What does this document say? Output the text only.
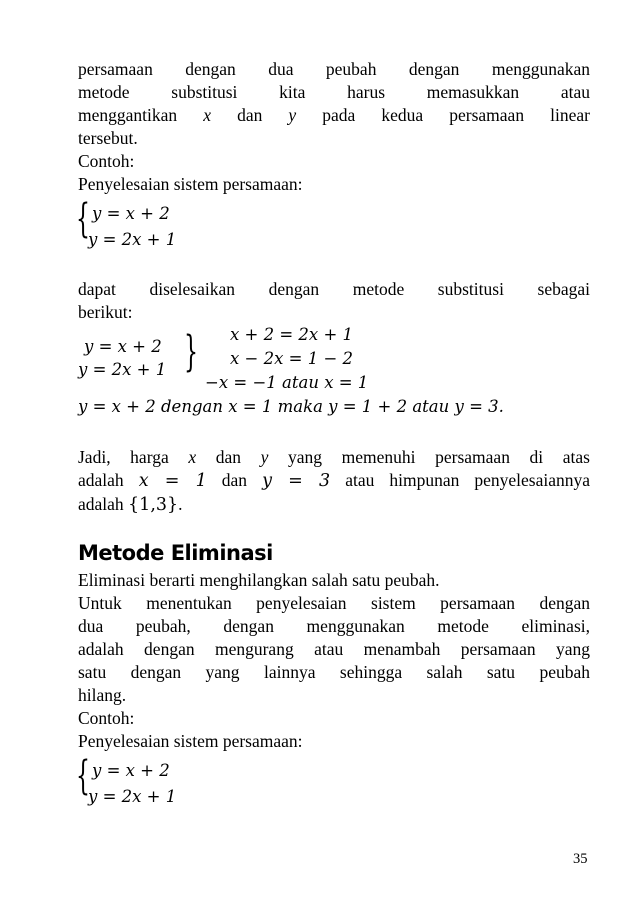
persamaan dengan dua peubah dengan menggunakan
metode substitusi kita harus memasukkan atau
menggantikan x dan y pada kedua persamaan linear
tersebut.
Contoh:
Penyelesaian sistem persamaan:
{ y = x + 2
y = 2x + 1
dapat diselesaikan dengan metode substitusi sebagai
berikut:
y = x + 2
y = 2x + 1 } x + 2 = 2x + 1
x − 2x = 1 − 2
−x = −1 atau x = 1
y = x + 2 dengan x = 1 maka y = 1 + 2 atau y = 3.
Jadi, harga x dan y yang memenuhi persamaan di atas
adalah x = 1 dan y = 3 atau himpunan penyelesaiannya
adalah {1,3}.
Metode Eliminasi
Eliminasi berarti menghilangkan salah satu peubah.
Untuk menentukan penyelesaian sistem persamaan dengan
dua peubah, dengan menggunakan metode eliminasi,
adalah dengan mengurang atau menambah persamaan yang
satu dengan yang lainnya sehingga salah satu peubah
hilang.
Contoh:
Penyelesaian sistem persamaan:
{ y = x + 2
y = 2x + 1
35
